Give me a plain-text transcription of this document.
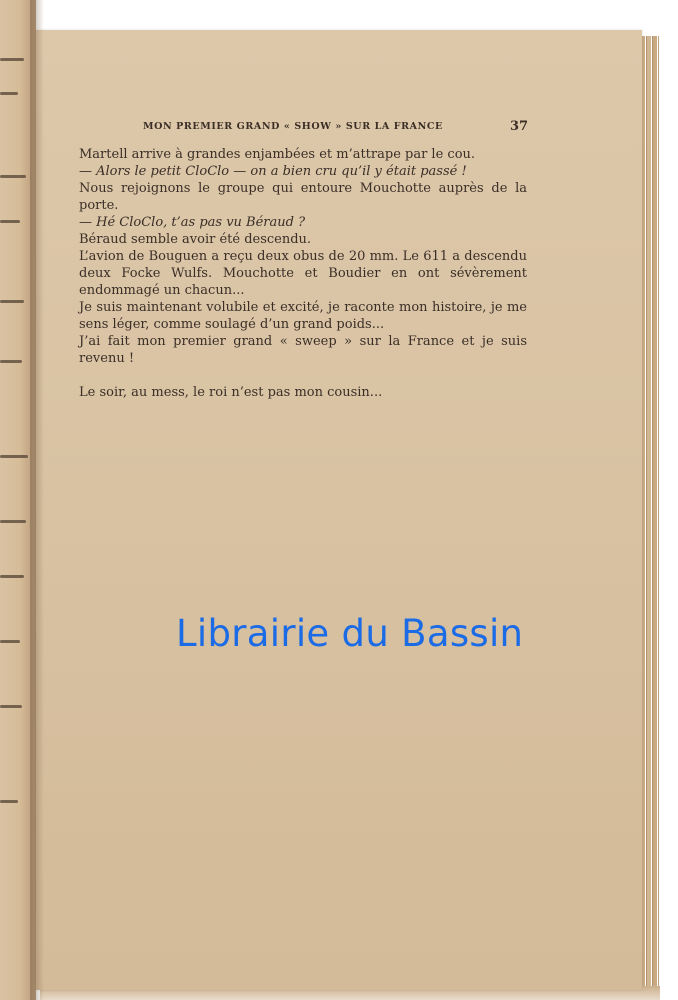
MON PREMIER GRAND « SHOW » SUR LA FRANCE	37

Martell arrive à grandes enjambées et m’attrape par le cou.

— Alors le petit CloClo — on a bien cru qu’il y était passé !

Nous rejoignons le groupe qui entoure Mouchotte auprès de la porte.

— Hé CloClo, t’as pas vu Béraud ?

Béraud semble avoir été descendu.

L’avion de Bouguen a reçu deux obus de 20 mm. Le 611 a descendu deux Focke Wulfs. Mouchotte et Boudier en ont sévèrement endommagé un chacun...

Je suis maintenant volubile et excité, je raconte mon histoire, je me sens léger, comme soulagé d’un grand poids...

J’ai fait mon premier grand « sweep » sur la France et je suis revenu !

Le soir, au mess, le roi n’est pas mon cousin...

Librairie du Bassin
